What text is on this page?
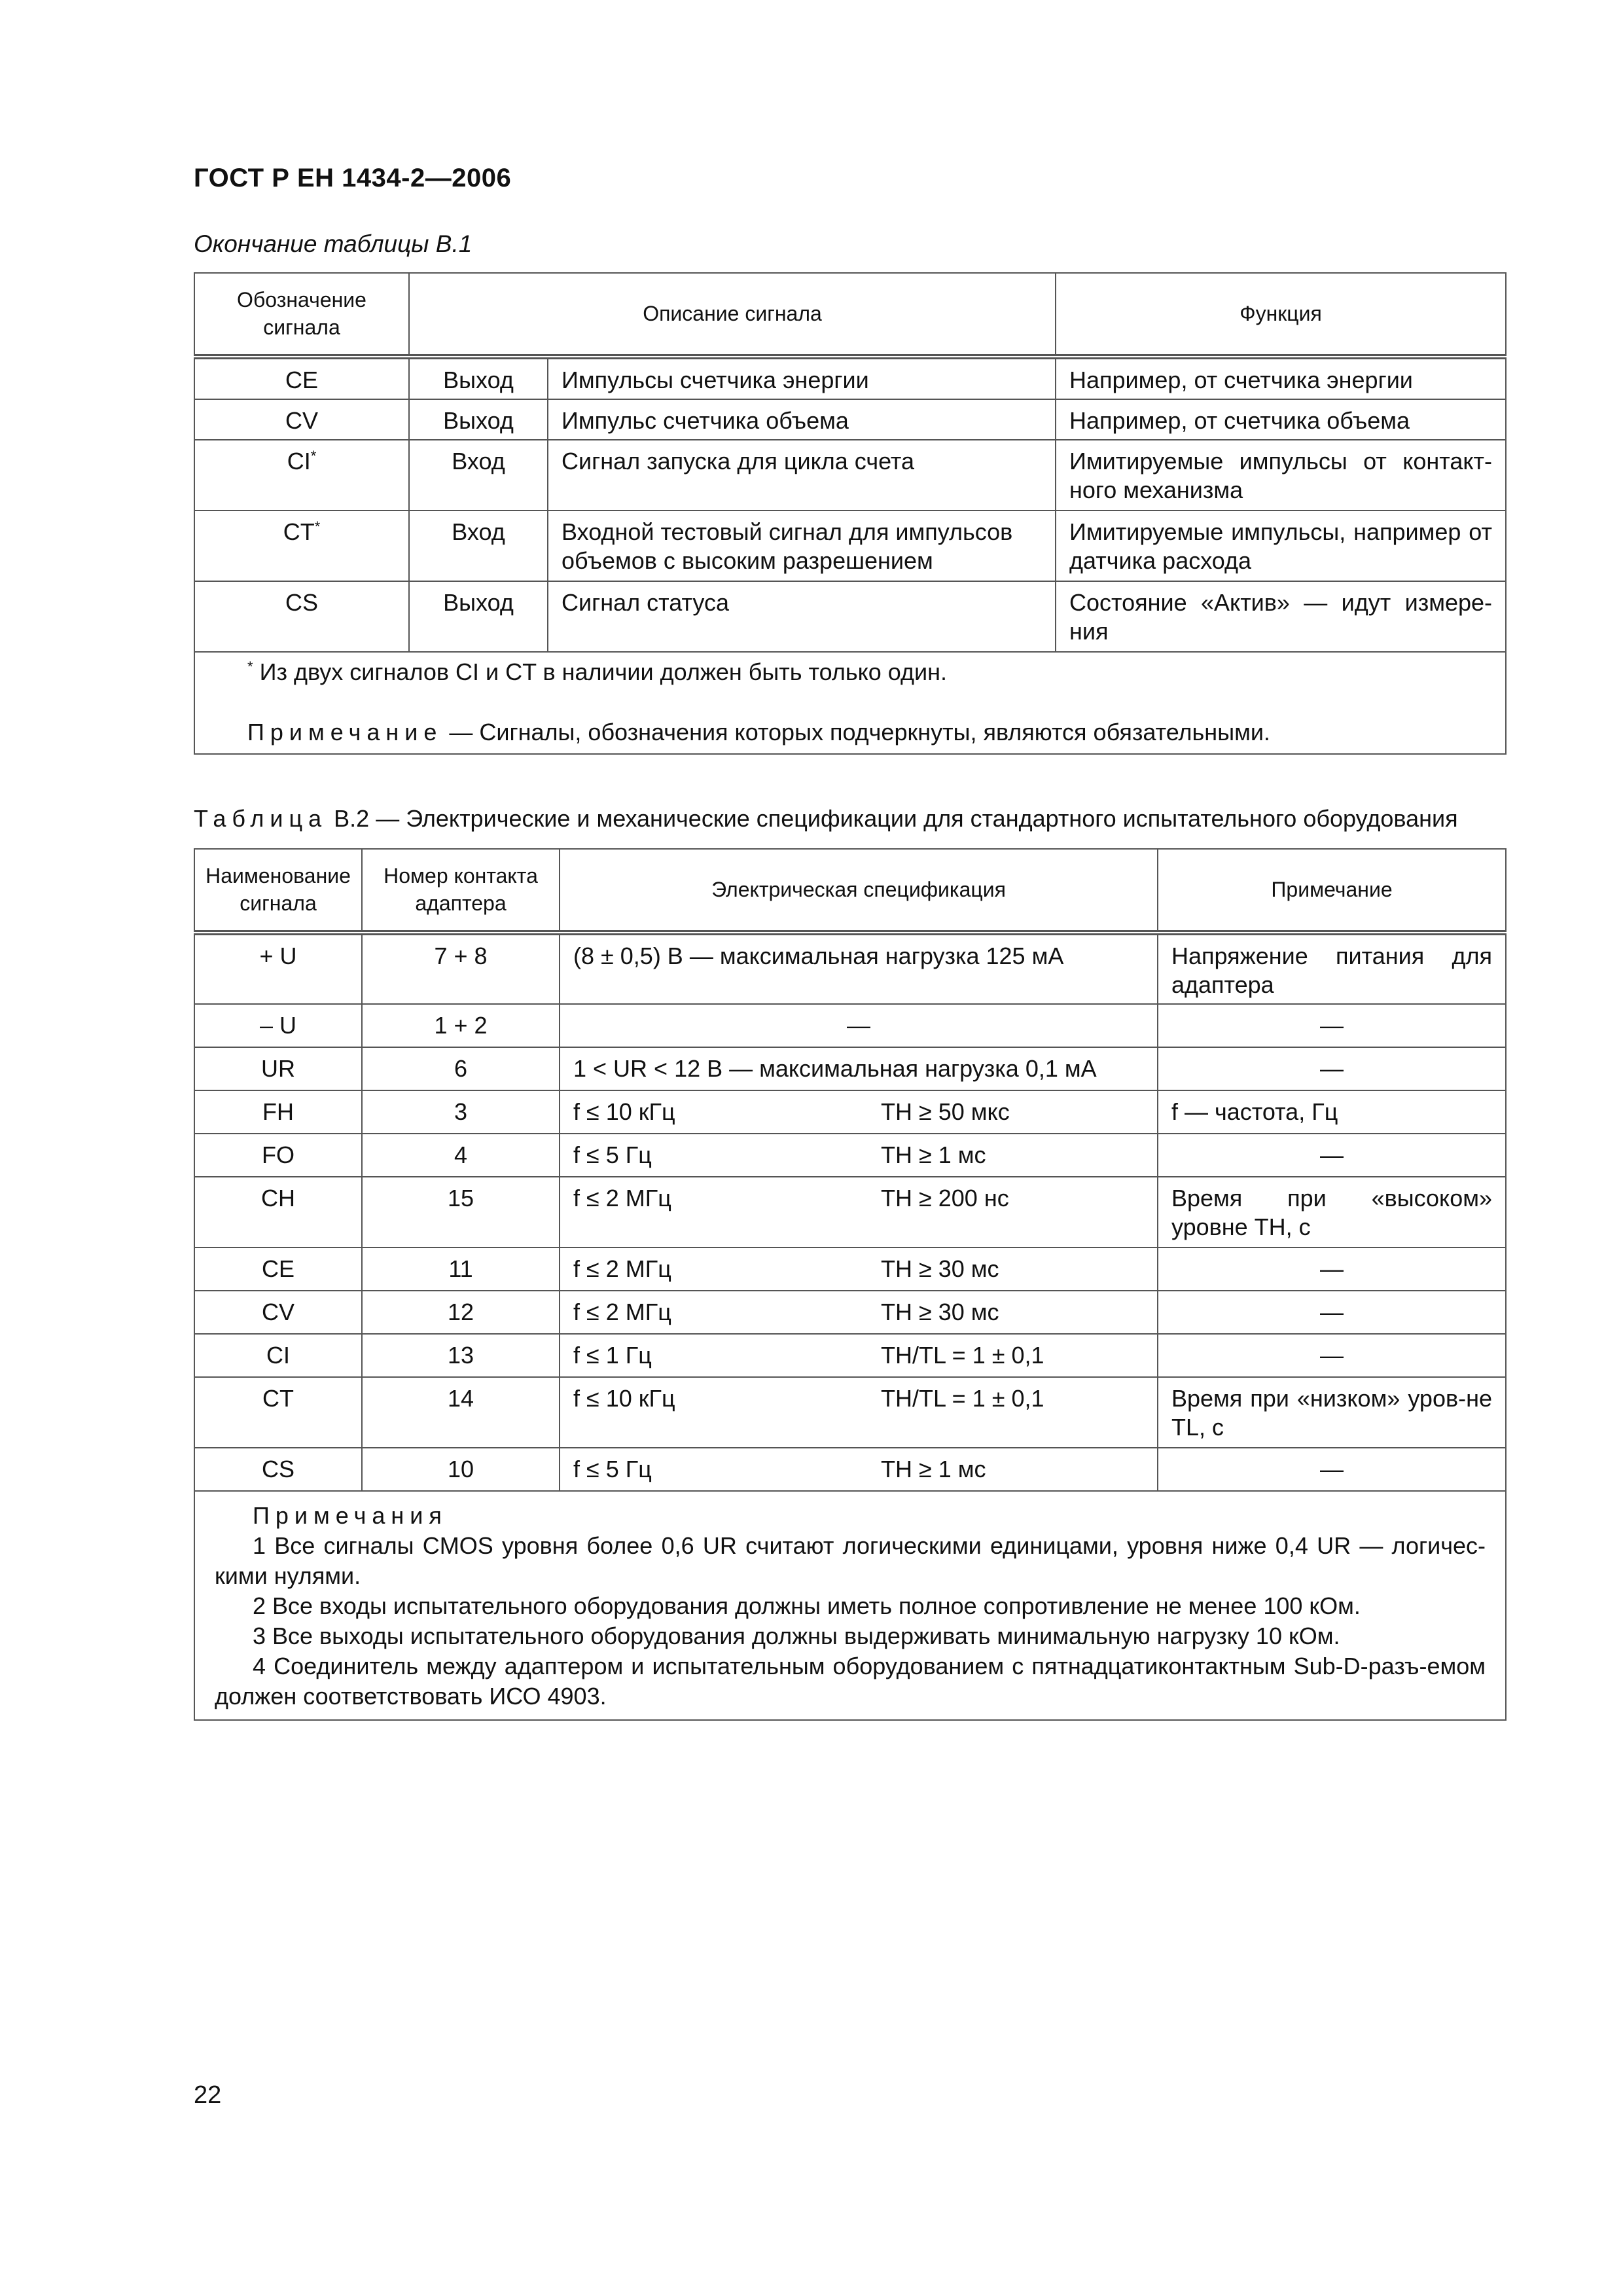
ГОСТ Р ЕН 1434-2—2006
Окончание таблицы В.1
Обозначение сигнала	Описание сигнала		Функция
CE	Выход	Импульсы счетчика энергии	Например, от счетчика энергии
CV	Выход	Импульс счетчика объема	Например, от счетчика объема
CI*	Вход	Сигнал запуска для цикла счета	Имитируемые импульсы от контакт-ного механизма
CT*	Вход	Входной тестовый сигнал для импульсов объемов с высоким разрешением	Имитируемые импульсы, например от датчика расхода
CS	Выход	Сигнал статуса	Состояние «Актив» — идут измере-ния

* Из двух сигналов CI и CT в наличии должен быть только один.

Примечание — Сигналы, обозначения которых подчеркнуты, являются обязательными.			

Таблица В.2 — Электрические и механические спецификации для стандартного испытательного оборудования
Наименование сигнала	Номер контакта адаптера	Электрическая спецификация	Примечание
+ U	7 + 8	(8 ± 0,5) В — максимальная нагрузка 125 мА	Напряжение питания для адаптера
– U	1 + 2	—	—
UR	6	1 < UR < 12 В — максимальная нагрузка 0,1 мА	—
FH	3	f ≤ 10 кГц TH ≥ 50 мкс	f — частота, Гц
FO	4	f ≤ 5 Гц TH ≥ 1 мс	—
CH	15	f ≤ 2 МГц TH ≥ 200 нс	Время при «высоком» уровне TH, с
CE	11	f ≤ 2 МГц TH ≥ 30 мс	—
CV	12	f ≤ 2 МГц TH ≥ 30 мс	—
CI	13	f ≤ 1 Гц TH/TL = 1 ± 0,1	—
CT	14	f ≤ 10 кГц TH/TL = 1 ± 0,1	Время при «низком» уров-не TL, с
CS	10	f ≤ 5 Гц TH ≥ 1 мс	—

Примечания

1 Все сигналы CMOS уровня более 0,6 UR считают логическими единицами, уровня ниже 0,4 UR — логичес-кими нулями.

2 Все входы испытательного оборудования должны иметь полное сопротивление не менее 100 кОм.

3 Все выходы испытательного оборудования должны выдерживать минимальную нагрузку 10 кОм.

4 Соединитель между адаптером и испытательным оборудованием с пятнадцатиконтактным Sub-D-разъ-емом должен соответствовать ИСО 4903.			

22
